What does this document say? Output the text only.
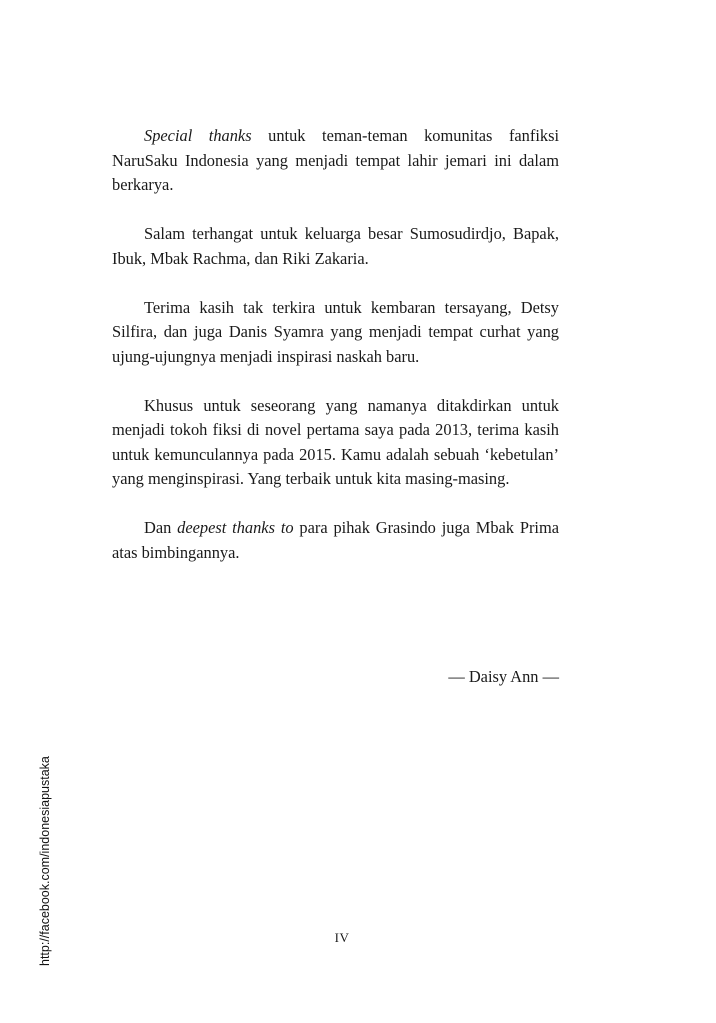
Special thanks untuk teman-teman komunitas fanfiksi NaruSaku Indonesia yang menjadi tempat lahir jemari ini dalam berkarya.

Salam terhangat untuk keluarga besar Sumosudirdjo, Bapak, Ibuk, Mbak Rachma, dan Riki Zakaria.

Terima kasih tak terkira untuk kembaran tersayang, Detsy Silfira, dan juga Danis Syamra yang menjadi tempat curhat yang ujung-ujungnya menjadi inspirasi naskah baru.

Khusus untuk seseorang yang namanya ditakdirkan untuk menjadi tokoh fiksi di novel pertama saya pada 2013, terima kasih untuk kemunculannya pada 2015. Kamu adalah sebuah ‘kebetulan’ yang menginspirasi. Yang terbaik untuk kita masing-masing.

Dan deepest thanks to para pihak Grasindo juga Mbak Prima atas bimbingannya.

— Daisy Ann —
IV
http://facebook.com/indonesiapustaka
